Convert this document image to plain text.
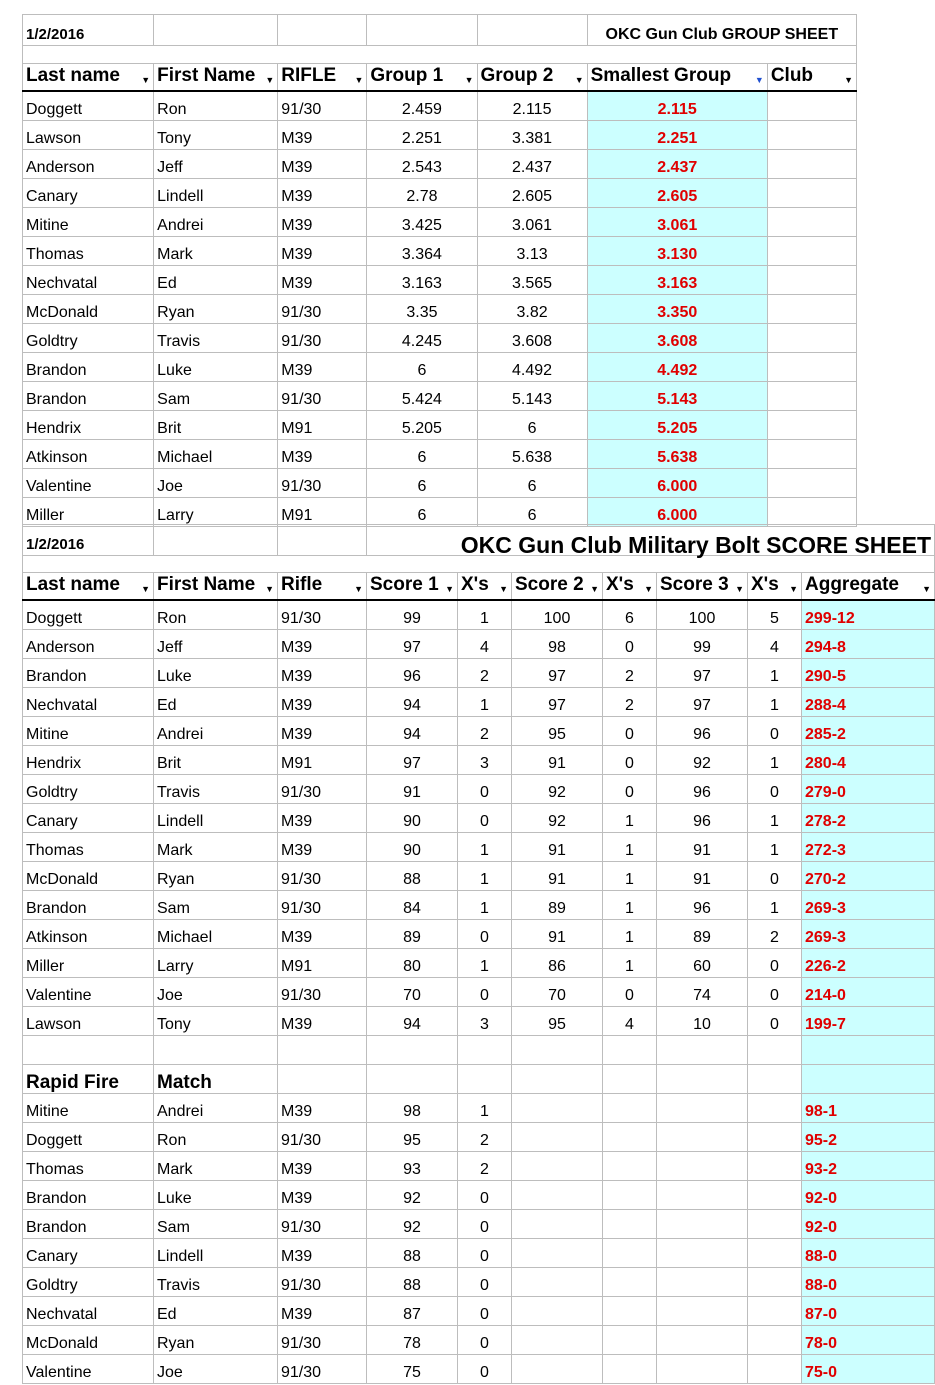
1/2/2016					OKC Gun Club GROUP SHEET	

Last name ▼	First Name ▼	RIFLE ▼	Group 1 ▼	Group 2 ▼	Smallest Group ▼	Club ▼

Doggett	Ron	91/30	2.459	2.115	2.115	
Lawson	Tony	M39	2.251	3.381	2.251	
Anderson	Jeff	M39	2.543	2.437	2.437	
Canary	Lindell	M39	2.78	2.605	2.605	
Mitine	Andrei	M39	3.425	3.061	3.061	
Thomas	Mark	M39	3.364	3.13	3.130	
Nechvatal	Ed	M39	3.163	3.565	3.163	
McDonald	Ryan	91/30	3.35	3.82	3.350	
Goldtry	Travis	91/30	4.245	3.608	3.608	
Brandon	Luke	M39	6	4.492	4.492	
Brandon	Sam	91/30	5.424	5.143	5.143	
Hendrix	Brit	M91	5.205	6	5.205	
Atkinson	Michael	M39	6	5.638	5.638	
Valentine	Joe	91/30	6	6	6.000	
Miller	Larry	M91	6	6	6.000	
1/2/2016			OKC Gun Club Military Bolt SCORE SHEET						

Last name ▼	First Name ▼	Rifle ▼	Score 1 ▼	X's ▼	Score 2 ▼	X's ▼	Score 3 ▼	X's ▼	Aggregate ▼

Doggett	Ron	91/30	99	1	100	6	100	5	299-12
Anderson	Jeff	M39	97	4	98	0	99	4	294-8
Brandon	Luke	M39	96	2	97	2	97	1	290-5
Nechvatal	Ed	M39	94	1	97	2	97	1	288-4
Mitine	Andrei	M39	94	2	95	0	96	0	285-2
Hendrix	Brit	M91	97	3	91	0	92	1	280-4
Goldtry	Travis	91/30	91	0	92	0	96	0	279-0
Canary	Lindell	M39	90	0	92	1	96	1	278-2
Thomas	Mark	M39	90	1	91	1	91	1	272-3
McDonald	Ryan	91/30	88	1	91	1	91	0	270-2
Brandon	Sam	91/30	84	1	89	1	96	1	269-3
Atkinson	Michael	M39	89	0	91	1	89	2	269-3
Miller	Larry	M91	80	1	86	1	60	0	226-2
Valentine	Joe	91/30	70	0	70	0	74	0	214-0
Lawson	Tony	M39	94	3	95	4	10	0	199-7

Rapid Fire	Match								
Mitine	Andrei	M39	98	1					98-1
Doggett	Ron	91/30	95	2					95-2
Thomas	Mark	M39	93	2					93-2
Brandon	Luke	M39	92	0					92-0
Brandon	Sam	91/30	92	0					92-0
Canary	Lindell	M39	88	0					88-0
Goldtry	Travis	91/30	88	0					88-0
Nechvatal	Ed	M39	87	0					87-0
McDonald	Ryan	91/30	78	0					78-0
Valentine	Joe	91/30	75	0					75-0
